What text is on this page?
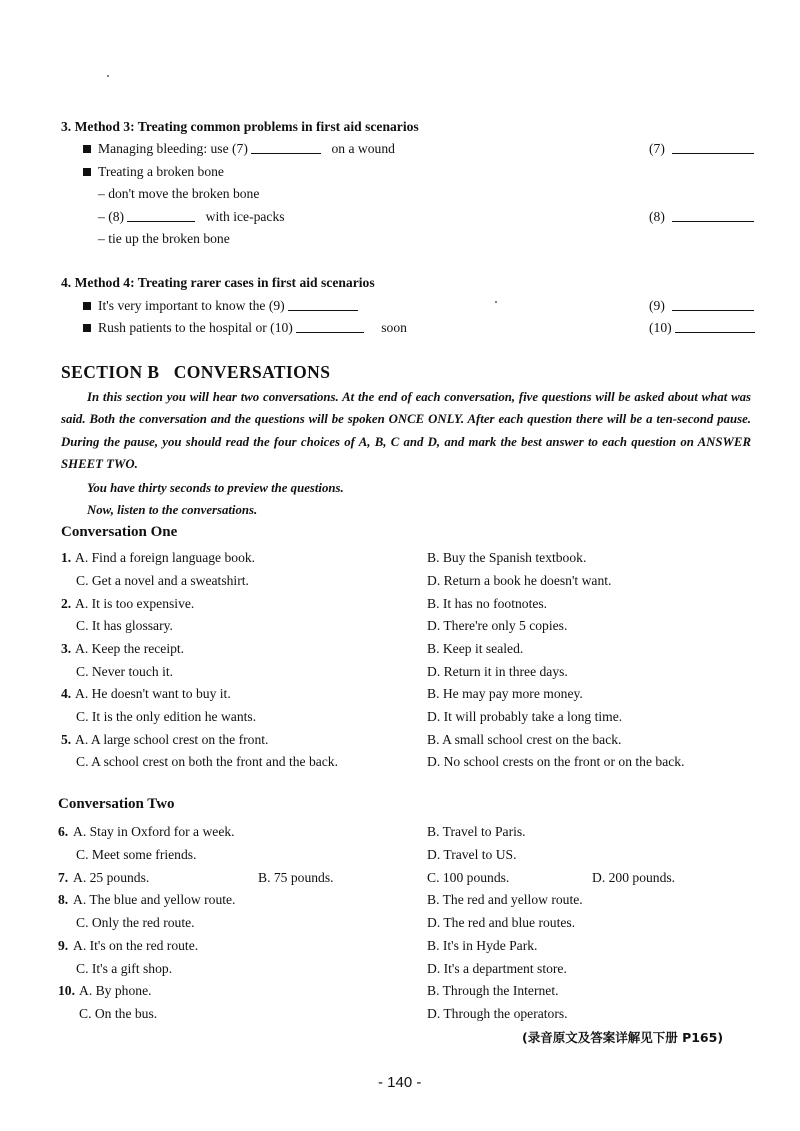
3. Method 3: Treating common problems in first aid scenarios
Managing bleeding: use (7)	on a wound	(7)
Treating a broken bone
– don't move the broken bone
– (8)	with ice-packs	(8)
– tie up the broken bone
4. Method 4: Treating rarer cases in first aid scenarios
It's very important to know the (9)	(9)
Rush patients to the hospital or (10)	soon	(10)
SECTION B   CONVERSATIONS

In this section you will hear two conversations. At the end of each conversation, five questions will be asked about what was said. Both the conversation and the questions will be spoken ONCE ONLY. After each question there will be a ten-second pause. During the pause, you should read the four choices of A, B, C and D, and mark the best answer to each question on ANSWER SHEET TWO.

You have thirty seconds to preview the questions.
Now, listen to the conversations.
Conversation One
1. A. Find a foreign language book.	B. Buy the Spanish textbook.
C. Get a novel and a sweatshirt.	D. Return a book he doesn't want.
2. A. It is too expensive.	B. It has no footnotes.
C. It has glossary.	D. There're only 5 copies.
3. A. Keep the receipt.	B. Keep it sealed.
C. Never touch it.	D. Return it in three days.
4. A. He doesn't want to buy it.	B. He may pay more money.
C. It is the only edition he wants.	D. It will probably take a long time.
5. A. A large school crest on the front.	B. A small school crest on the back.
C. A school crest on both the front and the back.	D. No school crests on the front or on the back.
Conversation Two
6. A. Stay in Oxford for a week.	B. Travel to Paris.
C. Meet some friends.	D. Travel to US.
7. A. 25 pounds.	B. 75 pounds.	C. 100 pounds.	D. 200 pounds.
8. A. The blue and yellow route.	B. The red and yellow route.
C. Only the red route.	D. The red and blue routes.
9. A. It's on the red route.	B. It's in Hyde Park.
C. It's a gift shop.	D. It's a department store.
10. A. By phone.	B. Through the Internet.
C. On the bus.	D. Through the operators.
(录音原文及答案详解见下册 P165)
- 140 -
